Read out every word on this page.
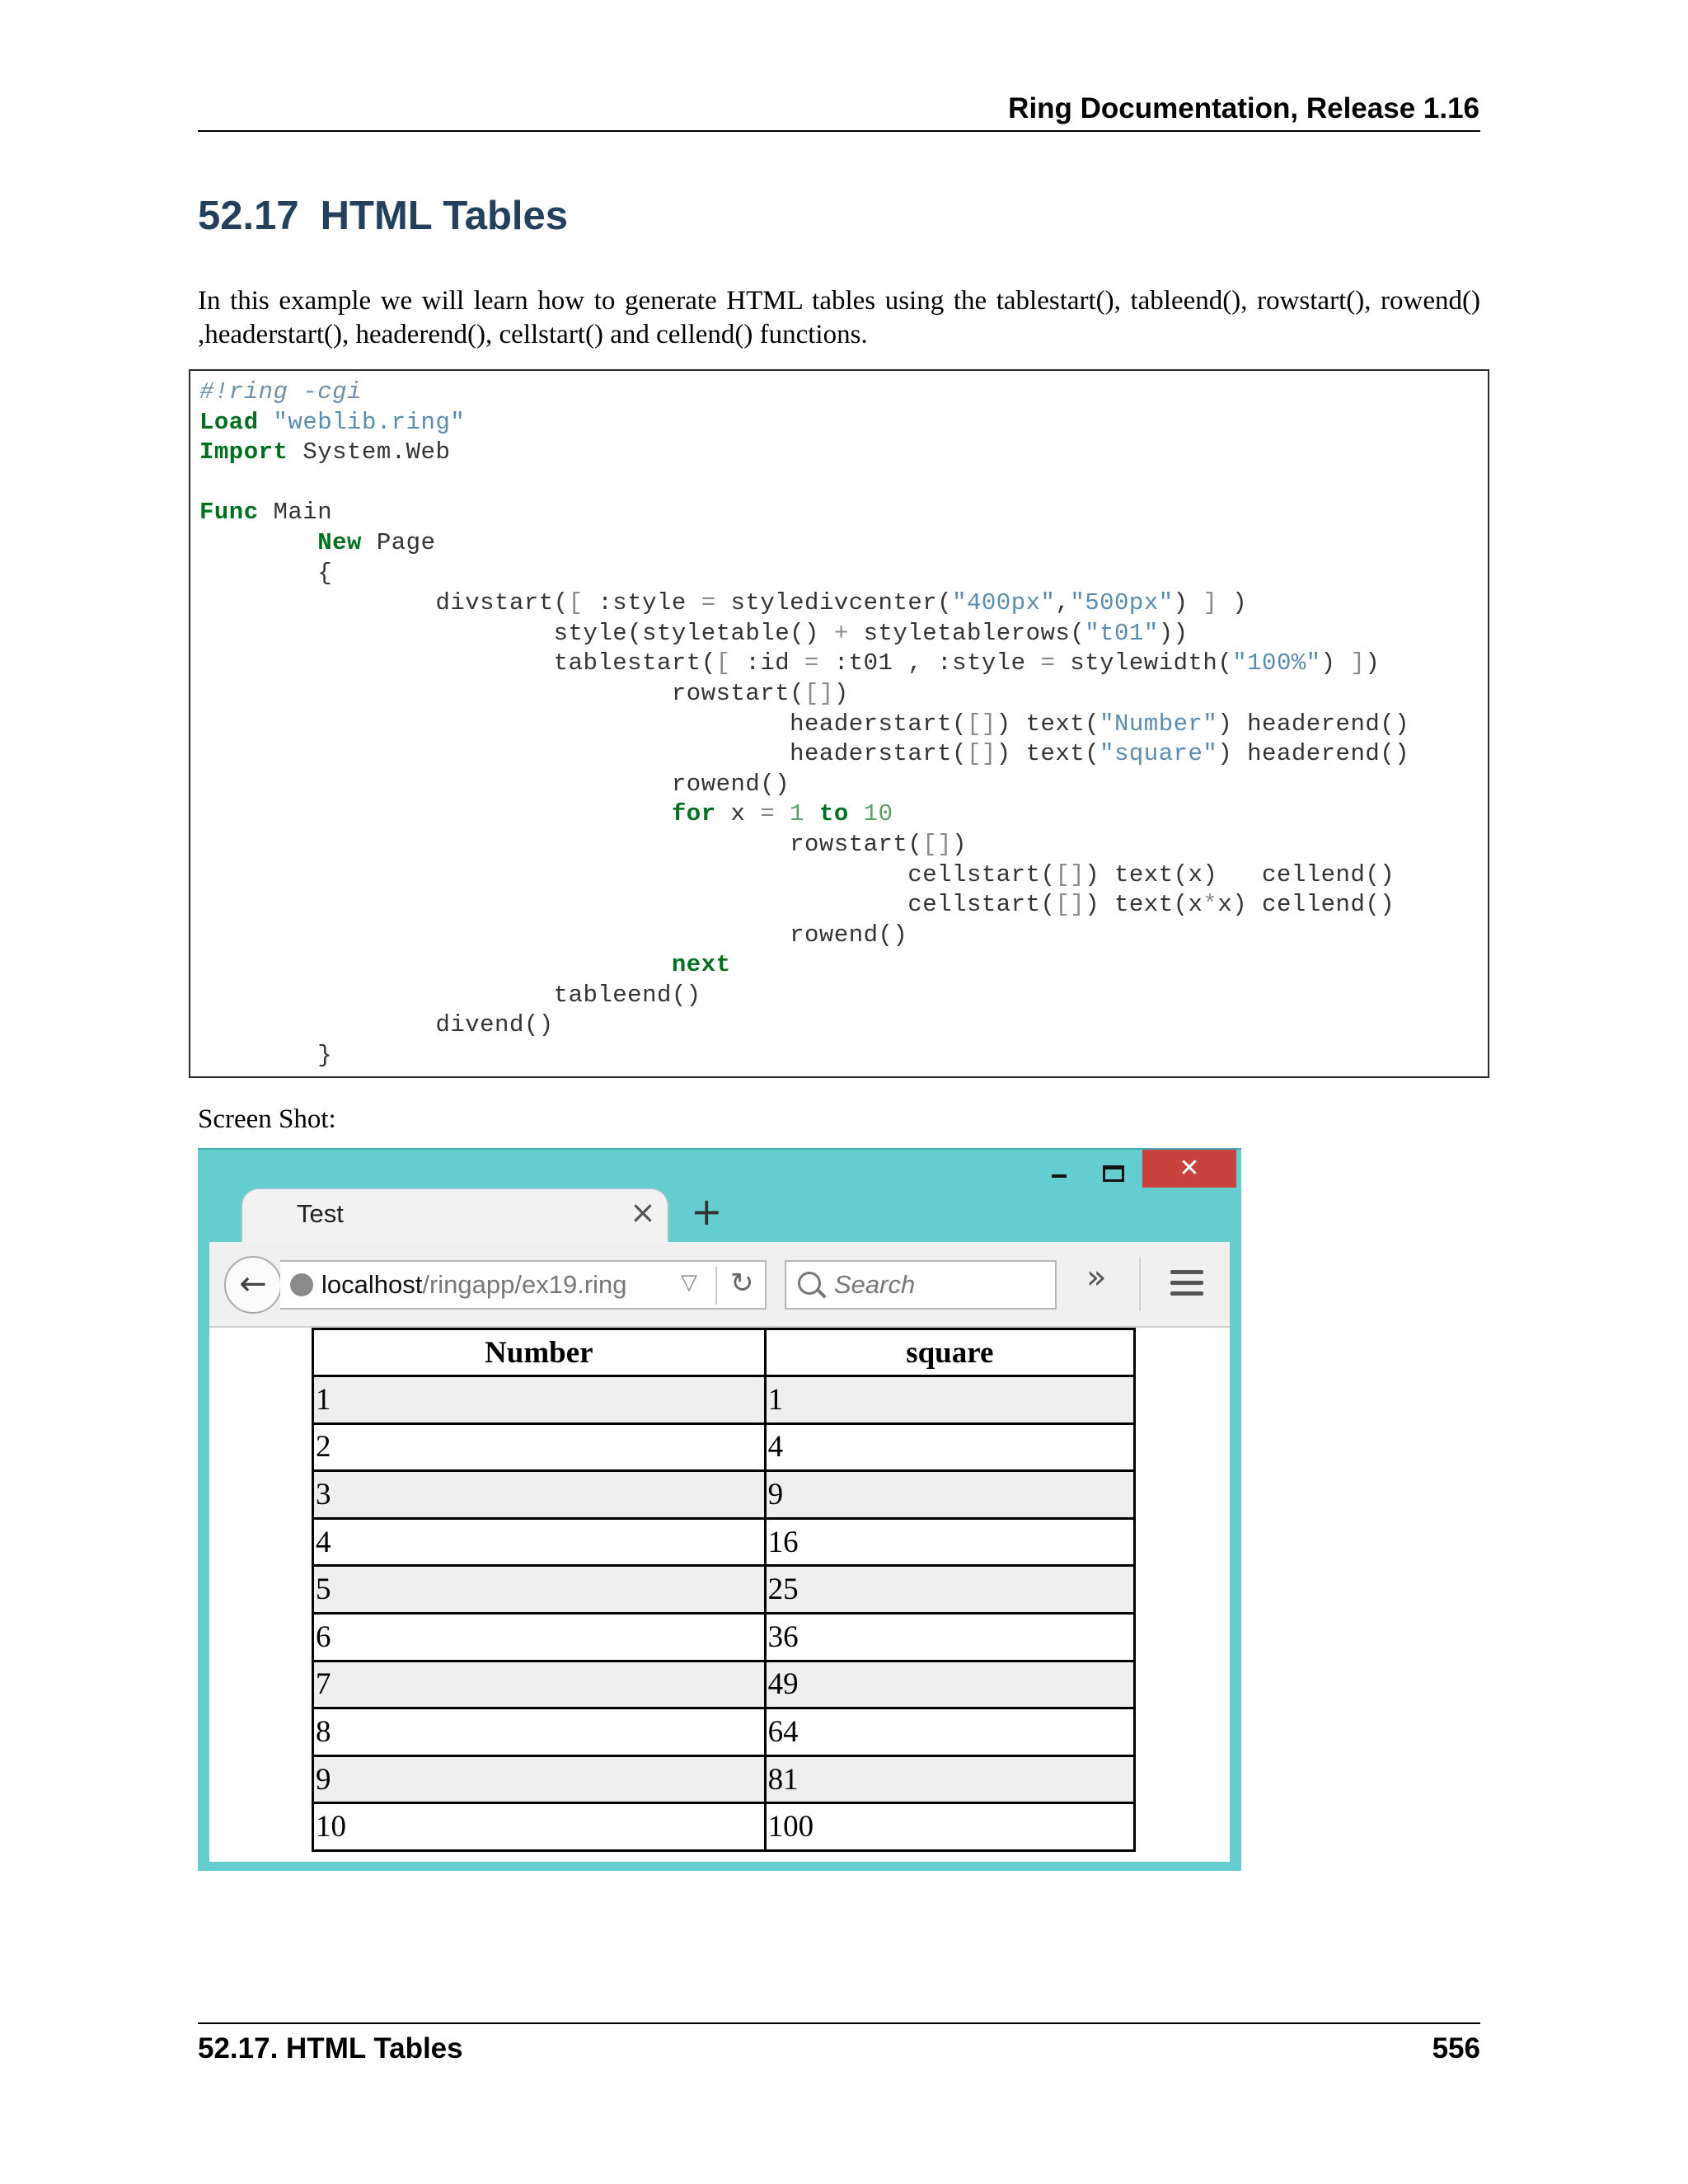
Ring Documentation, Release 1.16
52.17 HTML Tables

In this example we will learn how to generate HTML tables using the tablestart(), tableend(), rowstart(), rowend() ,headerstart(), headerend(), cellstart() and cellend() functions.

#!ring -cgi
Load "weblib.ring"
Import System.Web

Func Main
New Page
{
divstart([ :style = styledivcenter("400px","500px") ] )
style(styletable() + styletablerows("t01"))
tablestart([ :id = :t01 , :style = stylewidth("100%") ])
rowstart([])
headerstart([]) text("Number") headerend()
headerstart([]) text("square") headerend()
rowend()
for x = 1 to 10
rowstart([])
cellstart([]) text(x)   cellend()
cellstart([]) text(x*x) cellend()
rowend()
next
tableend()
divend()
}
Screen Shot:
✕
Test	× +
←	localhost/ringapp/ex19.ring	▽ ↻	Search	»
Number	square
1	1
2	4
3	9
4	16
5	25
6	36
7	49
8	64
9	81
10	100
52.17. HTML Tables	556
